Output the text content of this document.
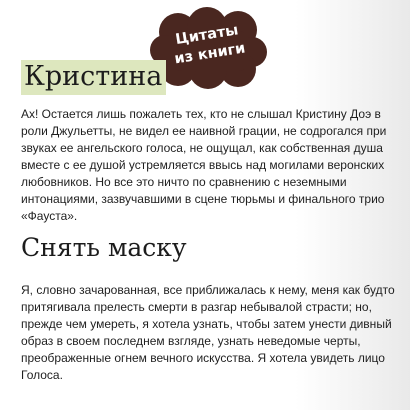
Цитаты
из книги
Кристина

Ах! Остается лишь пожалеть тех, кто не слышал Кристину Доэ в роли Джульетты, не видел ее наивной грации, не содрогался при звуках ее ангельского голоса, не ощущал, как собственная душа вместе с ее душой устремляется ввысь над могилами веронских любовников. Но все это ничто по сравнению с неземными интонациями, зазвучавшими в сцене тюрьмы и финального трио «Фауста».

Снять маску

Я, словно зачарованная, все приближалась к нему, меня как будто притягивала прелесть смерти в разгар небывалой страсти; но, прежде чем умереть, я хотела узнать, чтобы затем унести дивный образ в своем последнем взгляде, узнать неведомые черты, преображенные огнем вечного искусства. Я хотела увидеть лицо Голоса.
